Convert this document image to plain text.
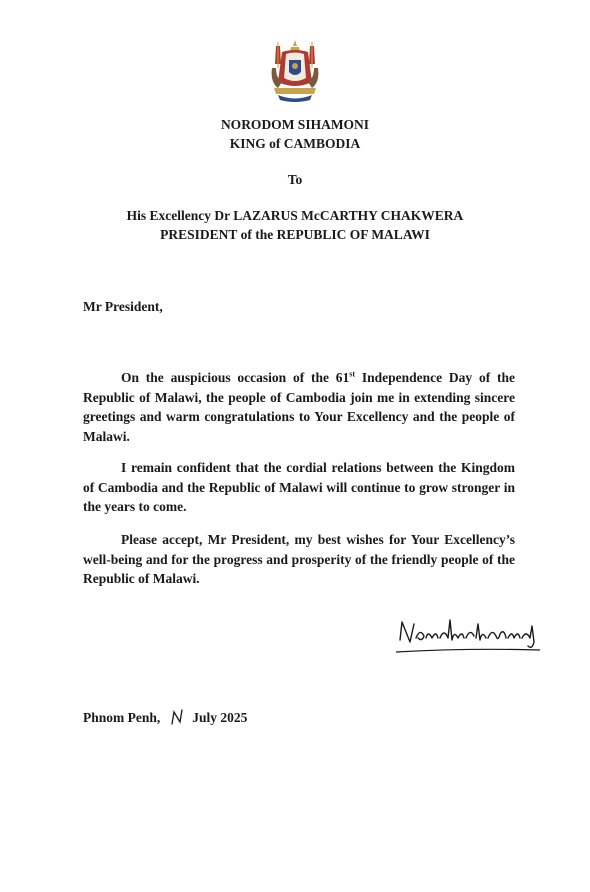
NORODOM SIHAMONI
KING of CAMBODIA
To
His Excellency Dr LAZARUS McCARTHY CHAKWERA
PRESIDENT of the REPUBLIC OF MALAWI
Mr President,

On the auspicious occasion of the 61st Independence Day of the Republic of Malawi, the people of Cambodia join me in extending sincere greetings and warm congratulations to Your Excellency and the people of Malawi.

I remain confident that the cordial relations between the Kingdom of Cambodia and the Republic of Malawi will continue to grow stronger in the years to come.

Please accept, Mr President, my best wishes for Your Excellency’s well-being and for the progress and prosperity of the friendly people of the Republic of Malawi.

Phnom Penh, July 2025
